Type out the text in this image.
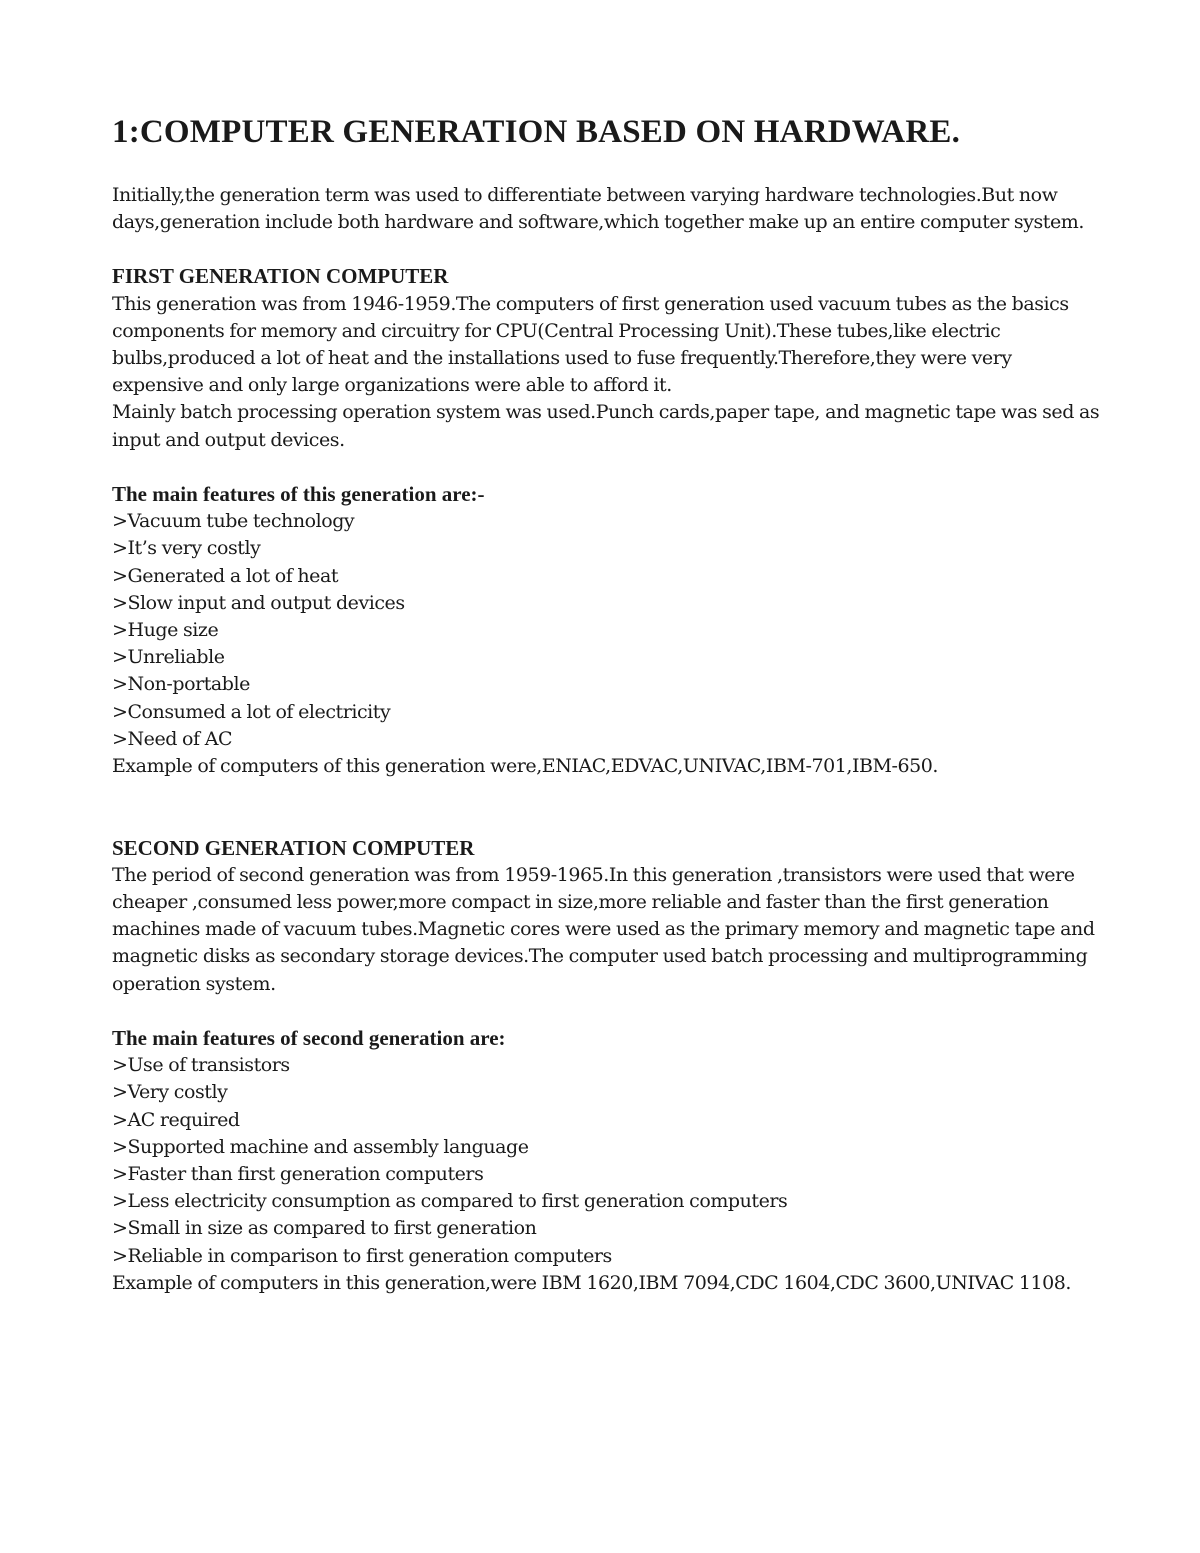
1:COMPUTER GENERATION BASED ON HARDWARE.

Initially,the generation term was used to differentiate between varying hardware technologies.But now days,generation include both hardware and software,which together make up an entire computer system.

FIRST GENERATION COMPUTER

This generation was from 1946-1959.The computers of first generation used vacuum tubes as the basics components for memory and circuitry for CPU(Central Processing Unit).These tubes,like electric bulbs,produced a lot of heat and the installations used to fuse frequently.Therefore,they were very expensive and only large organizations were able to afford it.

Mainly batch processing operation system was used.Punch cards,paper tape, and magnetic tape was sed as input and output devices.

The main features of this generation are:-
>Vacuum tube technology
>It’s very costly
>Generated a lot of heat
>Slow input and output devices
>Huge size
>Unreliable
>Non-portable
>Consumed a lot of electricity
>Need of AC

Example of computers of this generation were,ENIAC,EDVAC,UNIVAC,IBM-701,IBM-650.

SECOND GENERATION COMPUTER

The period of second generation was from 1959-1965.In this generation ,transistors were used that were cheaper ,consumed less power,more compact in size,more reliable and faster than the first generation machines made of vacuum tubes.Magnetic cores were used as the primary memory and magnetic tape and magnetic disks as secondary storage devices.The computer used batch processing and multiprogramming operation system.

The main features of second generation are:
>Use of transistors
>Very costly
>AC required
>Supported machine and assembly language
>Faster than first generation computers
>Less electricity consumption as compared to first generation computers
>Small in size as compared to first generation
>Reliable in comparison to first generation computers

Example of computers in this generation,were IBM 1620,IBM 7094,CDC 1604,CDC 3600,UNIVAC 1108.
